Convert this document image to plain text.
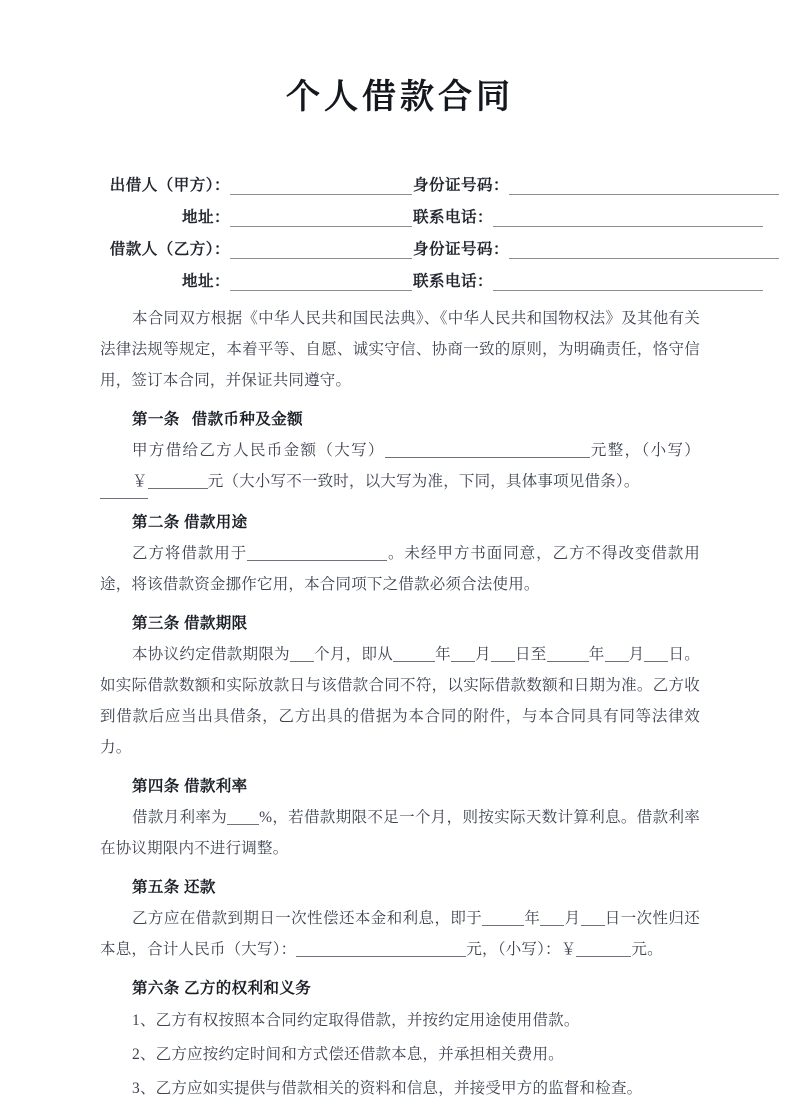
个人借款合同
出借人（甲方）：	身份证号码：
地址：	联系电话：
借款人（乙方）：	身份证号码：
地址：	联系电话：

本合同双方根据《中华人民共和国民法典》、《中华人民共和国物权法》及其他有关法律法规等规定，本着平等、自愿、诚实守信、协商一致的原则，为明确责任，恪守信用，签订本合同，并保证共同遵守。

第一条 借款币种及金额

甲方借给乙方人民币金额（大写）	元整，（小写）￥	元（大小写不一致时，以大写为准，下同，具体事项见借条）。

第二条 借款用途

乙方将借款用于	。未经甲方书面同意，乙方不得改变借款用途，将该借款资金挪作它用，本合同项下之借款必须合法使用。

第三条 借款期限

本协议约定借款期限为 个月，即从	年 月 日至	年 月 日。如实际借款数额和实际放款日与该借款合同不符，以实际借款数额和日期为准。乙方收到借款后应当出具借条，乙方出具的借据为本合同的附件，与本合同具有同等法律效力。

第四条 借款利率

借款月利率为 %，若借款期限不足一个月，则按实际天数计算利息。借款利率在协议期限内不进行调整。

第五条 还款

乙方应在借款到期日一次性偿还本金和利息，即于	年 月 日一次性归还本息，合计人民币（大写）：	元，（小写）：￥	元。

第六条 乙方的权利和义务

1、乙方有权按照本合同约定取得借款，并按约定用途使用借款。

2、乙方应按约定时间和方式偿还借款本息，并承担相关费用。

3、乙方应如实提供与借款相关的资料和信息，并接受甲方的监督和检查。
